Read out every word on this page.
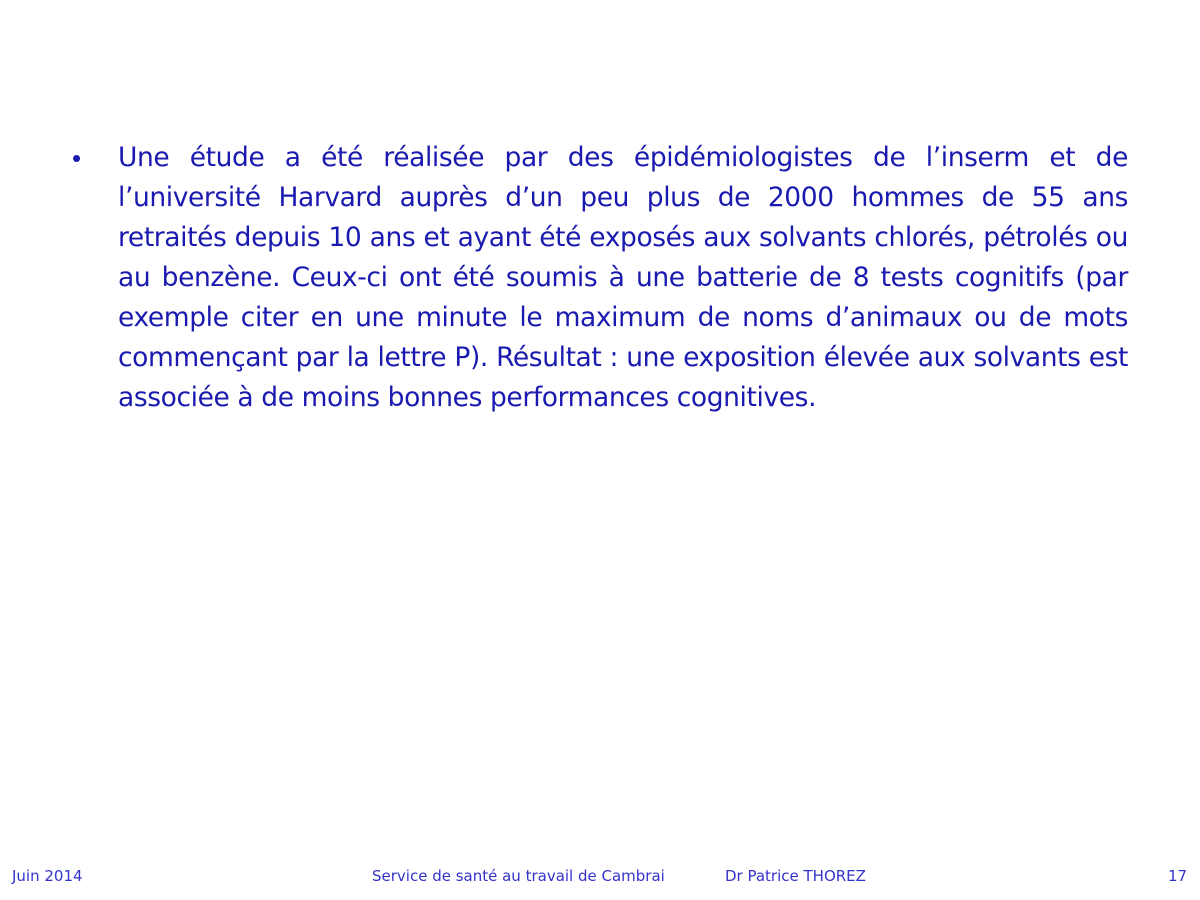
•	Une étude a été réalisée par des épidémiologistes de l’inserm et de l’université Harvard auprès d’un peu plus de 2000 hommes de 55 ans retraités depuis 10 ans et ayant été exposés aux solvants chlorés, pétrolés ou au benzène. Ceux-ci ont été soumis à une batterie de 8 tests cognitifs (par exemple citer en une minute le maximum de noms d’animaux ou de mots commençant par la lettre P). Résultat : une exposition élevée aux solvants est associée à de moins bonnes performances cognitives.

Juin 2014	Service de santé au travail de Cambrai	Dr Patrice THOREZ	17
